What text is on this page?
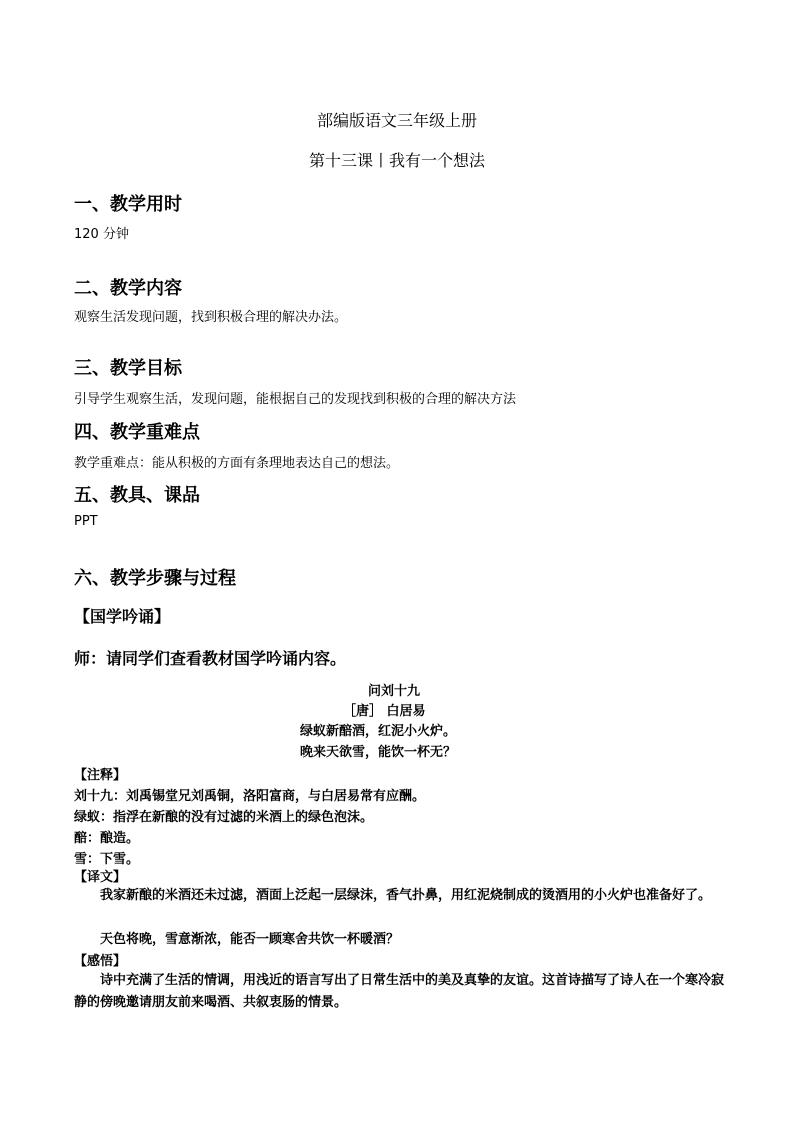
部编版语文三年级上册
第十三课丨我有一个想法
一、教学用时
120 分钟
二、教学内容
观察生活发现问题，找到积极合理的解决办法。
三、教学目标
引导学生观察生活，发现问题，能根据自己的发现找到积极的合理的解决方法
四、教学重难点
教学重难点：能从积极的方面有条理地表达自己的想法。
五、教具、课品
PPT
六、教学步骤与过程
【国学吟诵】
师：请同学们查看教材国学吟诵内容。
问刘十九
［唐］ 白居易
绿蚁新醅酒，红泥小火炉。
晚来天欲雪，能饮一杯无？
【注释】
刘十九：刘禹锡堂兄刘禹铜，洛阳富商，与白居易常有应酬。
绿蚁：指浮在新酿的没有过滤的米酒上的绿色泡沫。
醅：酿造。
雪：下雪。
【译文】
我家新酿的米酒还未过滤，酒面上泛起一层绿沫，香气扑鼻，用红泥烧制成的烫酒用的小火炉也准备好了。
天色将晚，雪意渐浓，能否一顾寒舍共饮一杯暖酒？
【感悟】
诗中充满了生活的情调，用浅近的语言写出了日常生活中的美及真挚的友谊。这首诗描写了诗人在一个寒冷寂静的傍晚邀请朋友前来喝酒、共叙衷肠的情景。
